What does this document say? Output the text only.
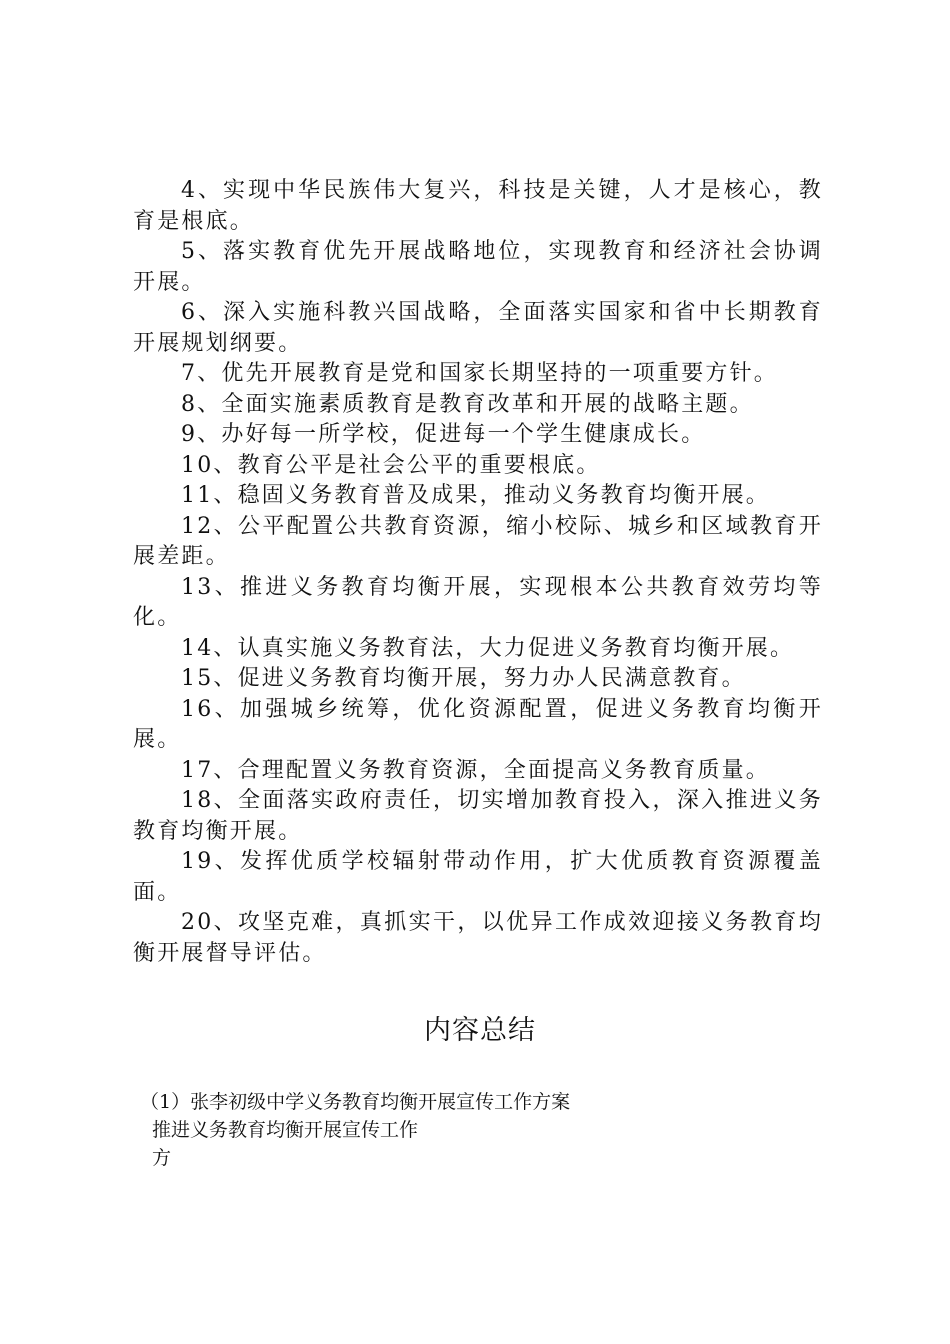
4、实现中华民族伟大复兴，科技是关键，人才是核心，教育是根底。

5、落实教育优先开展战略地位，实现教育和经济社会协调开展。

6、深入实施科教兴国战略，全面落实国家和省中长期教育开展规划纲要。

7、优先开展教育是党和国家长期坚持的一项重要方针。

8、全面实施素质教育是教育改革和开展的战略主题。

9、办好每一所学校，促进每一个学生健康成长。

10、教育公平是社会公平的重要根底。

11、稳固义务教育普及成果，推动义务教育均衡开展。

12、公平配置公共教育资源，缩小校际、城乡和区域教育开展差距。

13、推进义务教育均衡开展，实现根本公共教育效劳均等化。

14、认真实施义务教育法，大力促进义务教育均衡开展。

15、促进义务教育均衡开展，努力办人民满意教育。

16、加强城乡统筹，优化资源配置，促进义务教育均衡开展。

17、合理配置义务教育资源，全面提高义务教育质量。

18、全面落实政府责任，切实增加教育投入，深入推进义务教育均衡开展。

19、发挥优质学校辐射带动作用，扩大优质教育资源覆盖面。

20、攻坚克难，真抓实干，以优异工作成效迎接义务教育均衡开展督导评估。

内容总结

（1）张李初级中学义务教育均衡开展宣传工作方案

推进义务教育均衡开展宣传工作

方
